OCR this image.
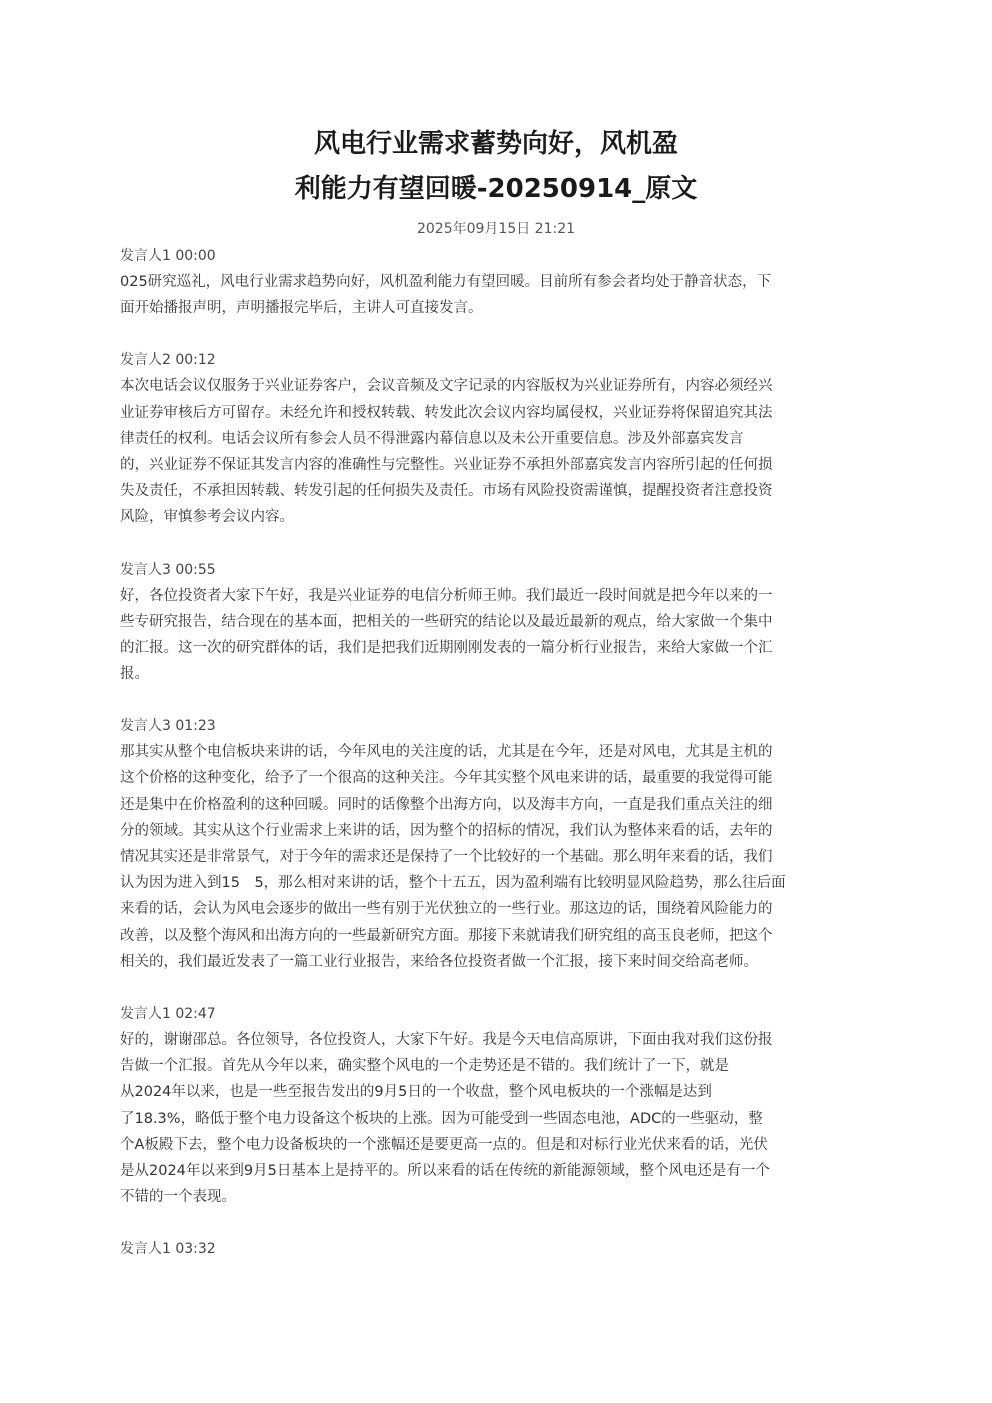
风电行业需求蓄势向好，风机盈
利能力有望回暖-20250914_原文
2025年09月15日 21:21
发言人1 00:00
025研究巡礼，风电行业需求趋势向好，风机盈利能力有望回暖。目前所有参会者均处于静音状态，下
面开始播报声明，声明播报完毕后，主讲人可直接发言。
发言人2 00:12
本次电话会议仅服务于兴业证券客户，会议音频及文字记录的内容版权为兴业证券所有，内容必须经兴
业证券审核后方可留存。未经允许和授权转载、转发此次会议内容均属侵权，兴业证券将保留追究其法
律责任的权利。电话会议所有参会人员不得泄露内幕信息以及未公开重要信息。涉及外部嘉宾发言
的，兴业证券不保证其发言内容的准确性与完整性。兴业证券不承担外部嘉宾发言内容所引起的任何损
失及责任，不承担因转载、转发引起的任何损失及责任。市场有风险投资需谨慎，提醒投资者注意投资
风险，审慎参考会议内容。
发言人3 00:55
好，各位投资者大家下午好，我是兴业证券的电信分析师王帅。我们最近一段时间就是把今年以来的一
些专研究报告，结合现在的基本面，把相关的一些研究的结论以及最近最新的观点，给大家做一个集中
的汇报。这一次的研究群体的话，我们是把我们近期刚刚发表的一篇分析行业报告，来给大家做一个汇
报。
发言人3 01:23
那其实从整个电信板块来讲的话，今年风电的关注度的话，尤其是在今年，还是对风电，尤其是主机的
这个价格的这种变化，给予了一个很高的这种关注。今年其实整个风电来讲的话，最重要的我觉得可能
还是集中在价格盈利的这种回暖。同时的话像整个出海方向，以及海丰方向，一直是我们重点关注的细
分的领域。其实从这个行业需求上来讲的话，因为整个的招标的情况，我们认为整体来看的话，去年的
情况其实还是非常景气，对于今年的需求还是保持了一个比较好的一个基础。那么明年来看的话，我们
认为因为进入到15　5，那么相对来讲的话，整个十五五，因为盈利端有比较明显风险趋势，那么往后面
来看的话，会认为风电会逐步的做出一些有别于光伏独立的一些行业。那这边的话，围绕着风险能力的
改善，以及整个海风和出海方向的一些最新研究方面。那接下来就请我们研究组的高玉良老师，把这个
相关的，我们最近发表了一篇工业行业报告，来给各位投资者做一个汇报，接下来时间交给高老师。
发言人1 02:47
好的，谢谢邵总。各位领导，各位投资人，大家下午好。我是今天电信高原讲，下面由我对我们这份报
告做一个汇报。首先从今年以来，确实整个风电的一个走势还是不错的。我们统计了一下，就是
从2024年以来，也是一些至报告发出的9月5日的一个收盘，整个风电板块的一个涨幅是达到
了18.3%，略低于整个电力设备这个板块的上涨。因为可能受到一些固态电池，ADC的一些驱动，整
个A板殿下去，整个电力设备板块的一个涨幅还是要更高一点的。但是和对标行业光伏来看的话，光伏
是从2024年以来到9月5日基本上是持平的。所以来看的话在传统的新能源领域，整个风电还是有一个
不错的一个表现。
发言人1 03:32
